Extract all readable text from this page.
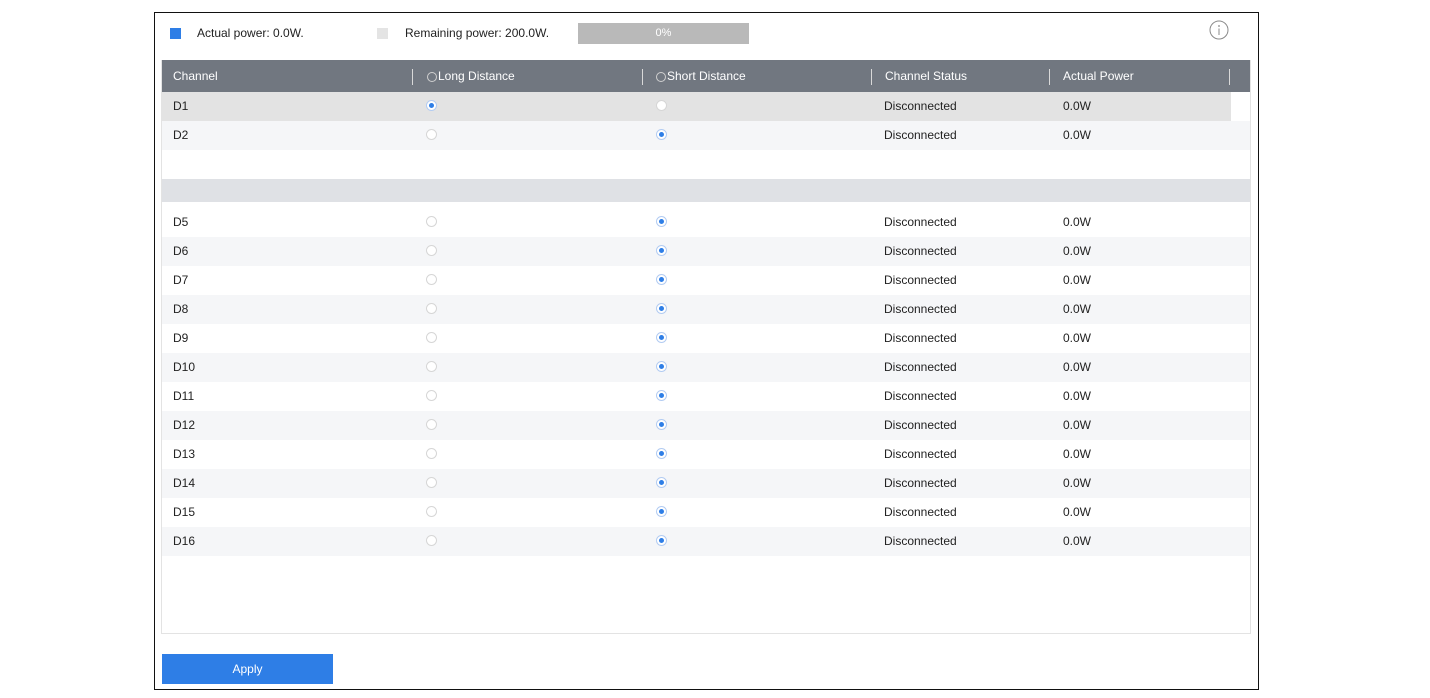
Actual power: 0.0W.	Remaining power: 200.0W.	0%
Channel	Long Distance	Short Distance	Channel Status	Actual Power
D1	Disconnected	0.0W
D2	Disconnected	0.0W
D5	Disconnected	0.0W
D6	Disconnected	0.0W
D7	Disconnected	0.0W
D8	Disconnected	0.0W
D9	Disconnected	0.0W
D10	Disconnected	0.0W
D11	Disconnected	0.0W
D12	Disconnected	0.0W
D13	Disconnected	0.0W
D14	Disconnected	0.0W
D15	Disconnected	0.0W
D16	Disconnected	0.0W
Apply
